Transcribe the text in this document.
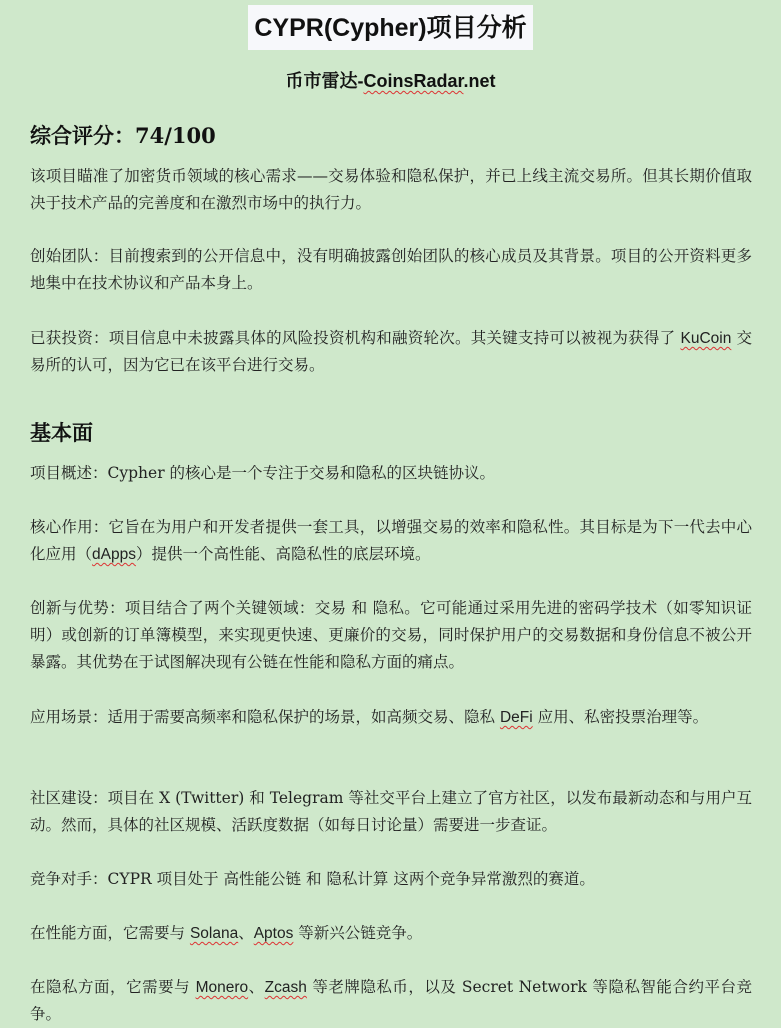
CYPR(Cypher)项目分析
币市雷达-CoinsRadar.net
综合评分：74/100
该项目瞄准了加密货币领域的核心需求——交易体验和隐私保护，并已上线主流交易所。但其长期价值取决于技术产品的完善度和在激烈市场中的执行力。
创始团队：目前搜索到的公开信息中，没有明确披露创始团队的核心成员及其背景。项目的公开资料更多地集中在技术协议和产品本身上。
已获投资：项目信息中未披露具体的风险投资机构和融资轮次。其关键支持可以被视为获得了 KuCoin 交易所的认可，因为它已在该平台进行交易。
基本面
项目概述：Cypher 的核心是一个专注于交易和隐私的区块链协议。
核心作用：它旨在为用户和开发者提供一套工具，以增强交易的效率和隐私性。其目标是为下一代去中心化应用（dApps）提供一个高性能、高隐私性的底层环境。
创新与优势：项目结合了两个关键领域：交易 和 隐私。它可能通过采用先进的密码学技术（如零知识证明）或创新的订单簿模型，来实现更快速、更廉价的交易，同时保护用户的交易数据和身份信息不被公开暴露。其优势在于试图解决现有公链在性能和隐私方面的痛点。
应用场景：适用于需要高频率和隐私保护的场景，如高频交易、隐私 DeFi 应用、私密投票治理等。
社区建设：项目在 X (Twitter) 和 Telegram 等社交平台上建立了官方社区，以发布最新动态和与用户互动。然而，具体的社区规模、活跃度数据（如每日讨论量）需要进一步查证。
竞争对手：CYPR 项目处于 高性能公链 和 隐私计算 这两个竞争异常激烈的赛道。
在性能方面，它需要与 Solana、Aptos 等新兴公链竞争。
在隐私方面，它需要与 Monero、Zcash 等老牌隐私币，以及 Secret Network 等隐私智能合约平台竞争。
